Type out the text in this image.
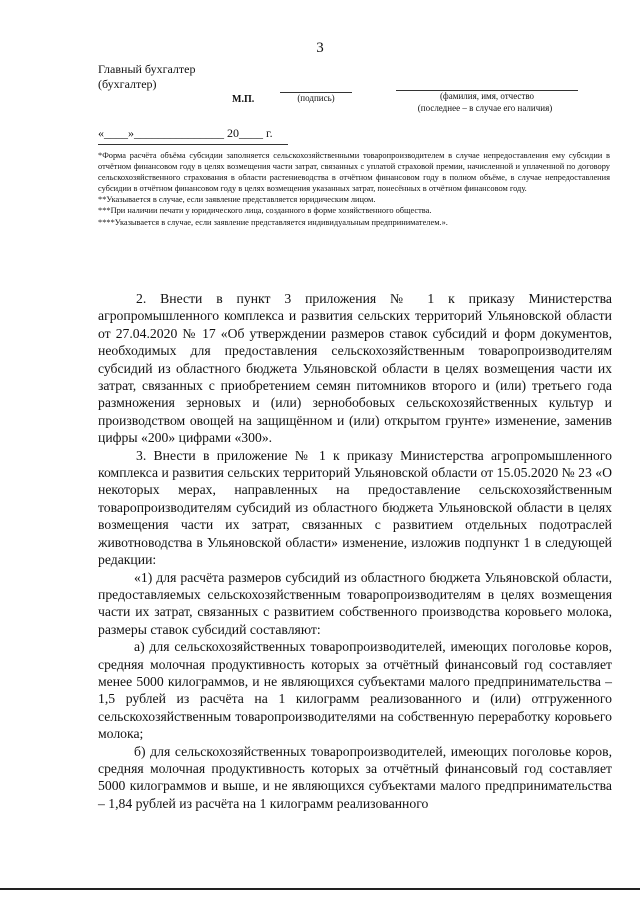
3
Главный бухгалтер
(бухгалтер)
(подпись)	(фамилия, имя, отчество
(последнее – в случае его наличия)
М.П.
«____»_______________ 20____ г.

*Форма расчёта объёма субсидии заполняется сельскохозяйственными товаропроизводителем в случае непредоставления ему субсидии в отчётном финансовом году в целях возмещения части затрат, связанных с уплатой страховой премии, начисленной и уплаченной по договору сельскохозяйственного страхования в области растениеводства в отчётном финансовом году в полном объёме, в случае непредоставления субсидии в отчётном финансовом году в целях возмещения указанных затрат, понесённых в отчётном финансовом году.

**Указывается в случае, если заявление представляется юридическим лицом.

***При наличии печати у юридического лица, созданного в форме хозяйственного общества.

****Указывается в случае, если заявление представляется индивидуальным предпринимателем.».

2. Внести в пункт 3 приложения № 1 к приказу Министерства агропромышленного комплекса и развития сельских территорий Ульяновской области от 27.04.2020 № 17 «Об утверждении размеров ставок субсидий и форм документов, необходимых для предоставления сельскохозяйственным товаропроизводителям субсидий из областного бюджета Ульяновской области в целях возмещения части их затрат, связанных с приобретением семян питомников второго и (или) третьего года размножения зерновых и (или) зернобобовых сельскохозяйственных культур и производством овощей на защищённом и (или) открытом грунте» изменение, заменив цифры «200» цифрами «300».

3. Внести в приложение № 1 к приказу Министерства агропромышленного комплекса и развития сельских территорий Ульяновской области от 15.05.2020 № 23 «О некоторых мерах, направленных на предоставление сельскохозяйственным товаропроизводителям субсидий из областного бюджета Ульяновской области в целях возмещения части их затрат, связанных с развитием отдельных подотраслей животноводства в Ульяновской области» изменение, изложив подпункт 1 в следующей редакции:

«1) для расчёта размеров субсидий из областного бюджета Ульяновской области, предоставляемых сельскохозяйственным товаропроизводителям в целях возмещения части их затрат, связанных с развитием собственного производства коровьего молока, размеры ставок субсидий составляют:

а) для сельскохозяйственных товаропроизводителей, имеющих поголовье коров, средняя молочная продуктивность которых за отчётный финансовый год составляет менее 5000 килограммов, и не являющихся субъектами малого предпринимательства – 1,5 рублей из расчёта на 1 килограмм реализованного и (или) отгруженного сельскохозяйственным товаропроизводителями на собственную переработку коровьего молока;

б) для сельскохозяйственных товаропроизводителей, имеющих поголовье коров, средняя молочная продуктивность которых за отчётный финансовый год составляет 5000 килограммов и выше, и не являющихся субъектами малого предпринимательства – 1,84 рублей из расчёта на 1 килограмм реализованного
